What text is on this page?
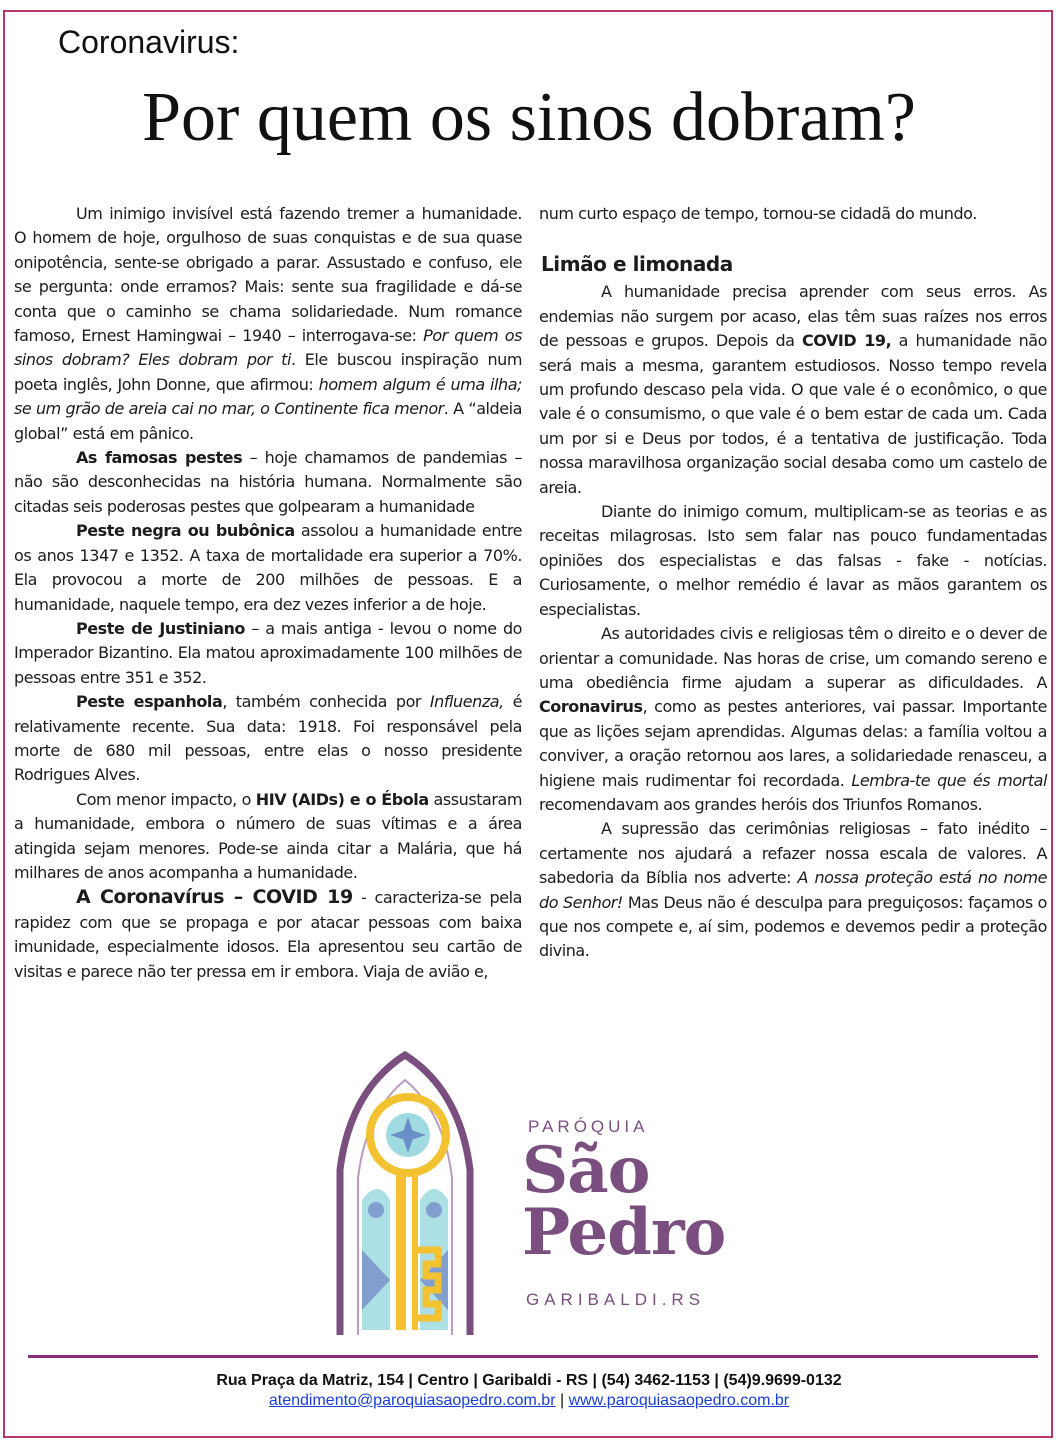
Coronavirus:
Por quem os sinos dobram?

Um inimigo invisível está fazendo tremer a humanidade. O homem de hoje, orgulhoso de suas conquistas e de sua quase onipotência, sente-se obrigado a parar. Assustado e confuso, ele se pergunta: onde erramos? Mais: sente sua fragilidade e dá-se conta que o caminho se chama solidariedade. Num romance famoso, Ernest Hamingwai – 1940 – interrogava-se: Por quem os sinos dobram? Eles dobram por ti. Ele buscou inspiração num poeta inglês, John Donne, que afirmou: homem algum é uma ilha; se um grão de areia cai no mar, o Continente fica menor. A “aldeia global” está em pânico.

As famosas pestes – hoje chamamos de pandemias – não são desconhecidas na história humana. Normalmente são citadas seis poderosas pestes que golpearam a humanidade

Peste negra ou bubônica assolou a humanidade entre os anos 1347 e 1352. A taxa de mortalidade era superior a 70%. Ela provocou a morte de 200 milhões de pessoas. E a humanidade, naquele tempo, era dez vezes inferior a de hoje.

Peste de Justiniano – a mais antiga - levou o nome do Imperador Bizantino. Ela matou aproximadamente 100 milhões de pessoas entre 351 e 352.

Peste espanhola, também conhecida por Influenza, é relativamente recente. Sua data: 1918. Foi responsável pela morte de 680 mil pessoas, entre elas o nosso presidente Rodrigues Alves.

Com menor impacto, o HIV (AIDs) e o Ébola assustaram a humanidade, embora o número de suas vítimas e a área atingida sejam menores. Pode-se ainda citar a Malária, que há milhares de anos acompanha a humanidade.

A Coronavírus – COVID 19 - caracteriza-se pela rapidez com que se propaga e por atacar pessoas com baixa imunidade, especialmente idosos. Ela apresentou seu cartão de visitas e parece não ter pressa em ir embora. Viaja de avião e,

num curto espaço de tempo, tornou-se cidadã do mundo.

Limão e limonada

A humanidade precisa aprender com seus erros. As endemias não surgem por acaso, elas têm suas raízes nos erros de pessoas e grupos. Depois da COVID 19, a humanidade não será mais a mesma, garantem estudiosos. Nosso tempo revela um profundo descaso pela vida. O que vale é o econômico, o que vale é o consumismo, o que vale é o bem estar de cada um. Cada um por si e Deus por todos, é a tentativa de justificação. Toda nossa maravilhosa organização social desaba como um castelo de areia.

Diante do inimigo comum, multiplicam-se as teorias e as receitas milagrosas. Isto sem falar nas pouco fundamentadas opiniões dos especialistas e das falsas - fake - notícias. Curiosamente, o melhor remédio é lavar as mãos garantem os especialistas.

As autoridades civis e religiosas têm o direito e o dever de orientar a comunidade. Nas horas de crise, um comando sereno e uma obediência firme ajudam a superar as dificuldades. A Coronavirus, como as pestes anteriores, vai passar. Importante que as lições sejam aprendidas. Algumas delas: a família voltou a conviver, a oração retornou aos lares, a solidariedade renasceu, a higiene mais rudimentar foi recordada. Lembra-te que és mortal recomendavam aos grandes heróis dos Triunfos Romanos.

A supressão das cerimônias religiosas – fato inédito – certamente nos ajudará a refazer nossa escala de valores. A sabedoria da Bíblia nos adverte: A nossa proteção está no nome do Senhor! Mas Deus não é desculpa para preguiçosos: façamos o que nos compete e, aí sim, podemos e devemos pedir a proteção divina.

PARÓQUIA
São
Pedro
GARIBALDI.RS
Rua Praça da Matriz, 154 | Centro | Garibaldi - RS | (54) 3462-1153 | (54)9.9699-0132
atendimento@paroquiasaopedro.com.br | www.paroquiasaopedro.com.br
